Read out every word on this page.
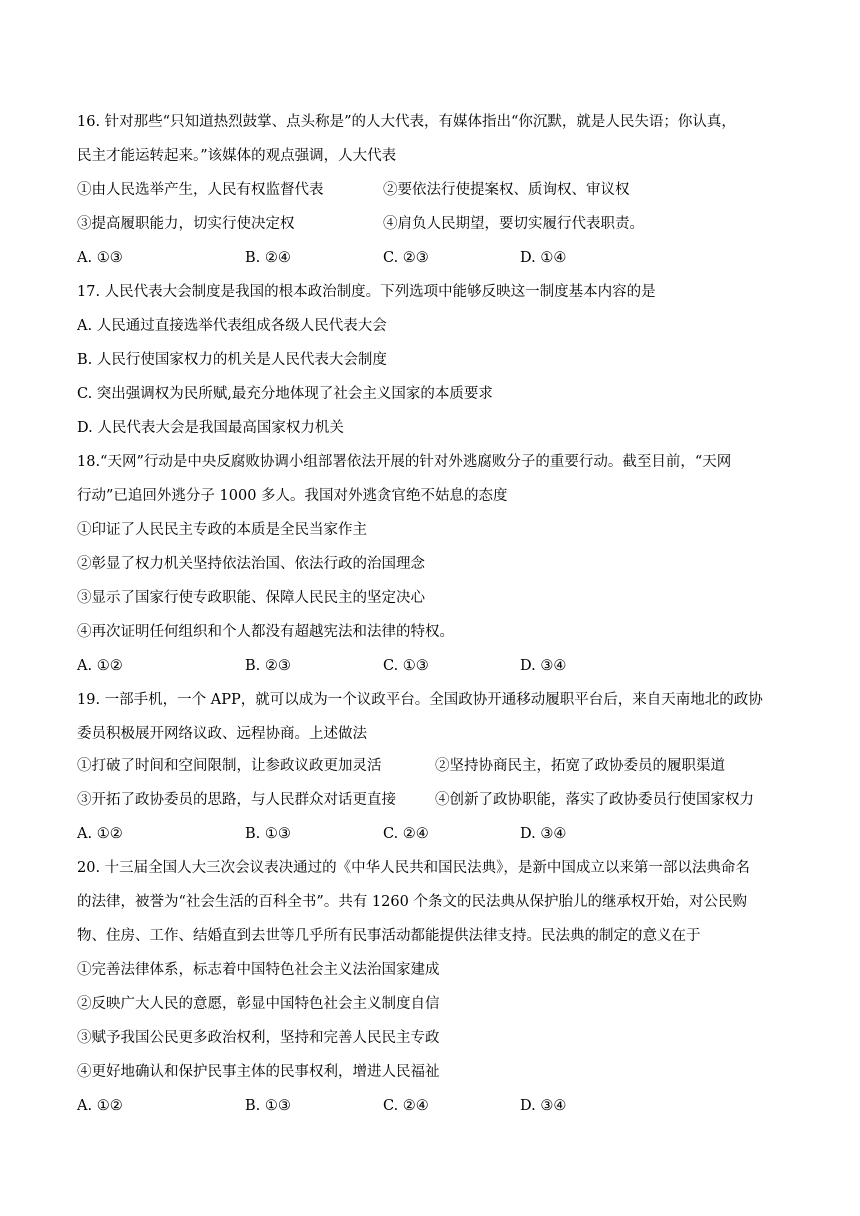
16. 针对那些“只知道热烈鼓掌、点头称是”的人大代表，有媒体指出“你沉默，就是人民失语；你认真，
民主才能运转起来。”该媒体的观点强调，人大代表
①由人民选举产生，人民有权监督代表	②要依法行使提案权、质询权、审议权
③提高履职能力，切实行使决定权	④肩负人民期望，要切实履行代表职责。
A. ①③	B. ②④	C. ②③	D. ①④
17. 人民代表大会制度是我国的根本政治制度。下列选项中能够反映这一制度基本内容的是
A. 人民通过直接选举代表组成各级人民代表大会
B. 人民行使国家权力的机关是人民代表大会制度
C. 突出强调权为民所赋,最充分地体现了社会主义国家的本质要求
D. 人民代表大会是我国最高国家权力机关
18.“天网”行动是中央反腐败协调小组部署依法开展的针对外逃腐败分子的重要行动。截至目前，“天网
行动”已追回外逃分子 1000 多人。我国对外逃贪官绝不姑息的态度
①印证了人民民主专政的本质是全民当家作主
②彰显了权力机关坚持依法治国、依法行政的治国理念
③显示了国家行使专政职能、保障人民民主的坚定决心
④再次证明任何组织和个人都没有超越宪法和法律的特权。
A. ①②	B. ②③	C. ①③	D. ③④
19. 一部手机，一个 APP，就可以成为一个议政平台。全国政协开通移动履职平台后，来自天南地北的政协
委员积极展开网络议政、远程协商。上述做法
①打破了时间和空间限制，让参政议政更加灵活	②坚持协商民主，拓宽了政协委员的履职渠道
③开拓了政协委员的思路，与人民群众对话更直接	④创新了政协职能，落实了政协委员行使国家权力
A. ①②	B. ①③	C. ②④	D. ③④
20. 十三届全国人大三次会议表决通过的《中华人民共和国民法典》，是新中国成立以来第一部以法典命名
的法律，被誉为“社会生活的百科全书”。共有 1260 个条文的民法典从保护胎儿的继承权开始，对公民购
物、住房、工作、结婚直到去世等几乎所有民事活动都能提供法律支持。民法典的制定的意义在于
①完善法律体系，标志着中国特色社会主义法治国家建成
②反映广大人民的意愿，彰显中国特色社会主义制度自信
③赋予我国公民更多政治权利，坚持和完善人民民主专政
④更好地确认和保护民事主体的民事权利，增进人民福祉
A. ①②	B. ①③	C. ②④	D. ③④
